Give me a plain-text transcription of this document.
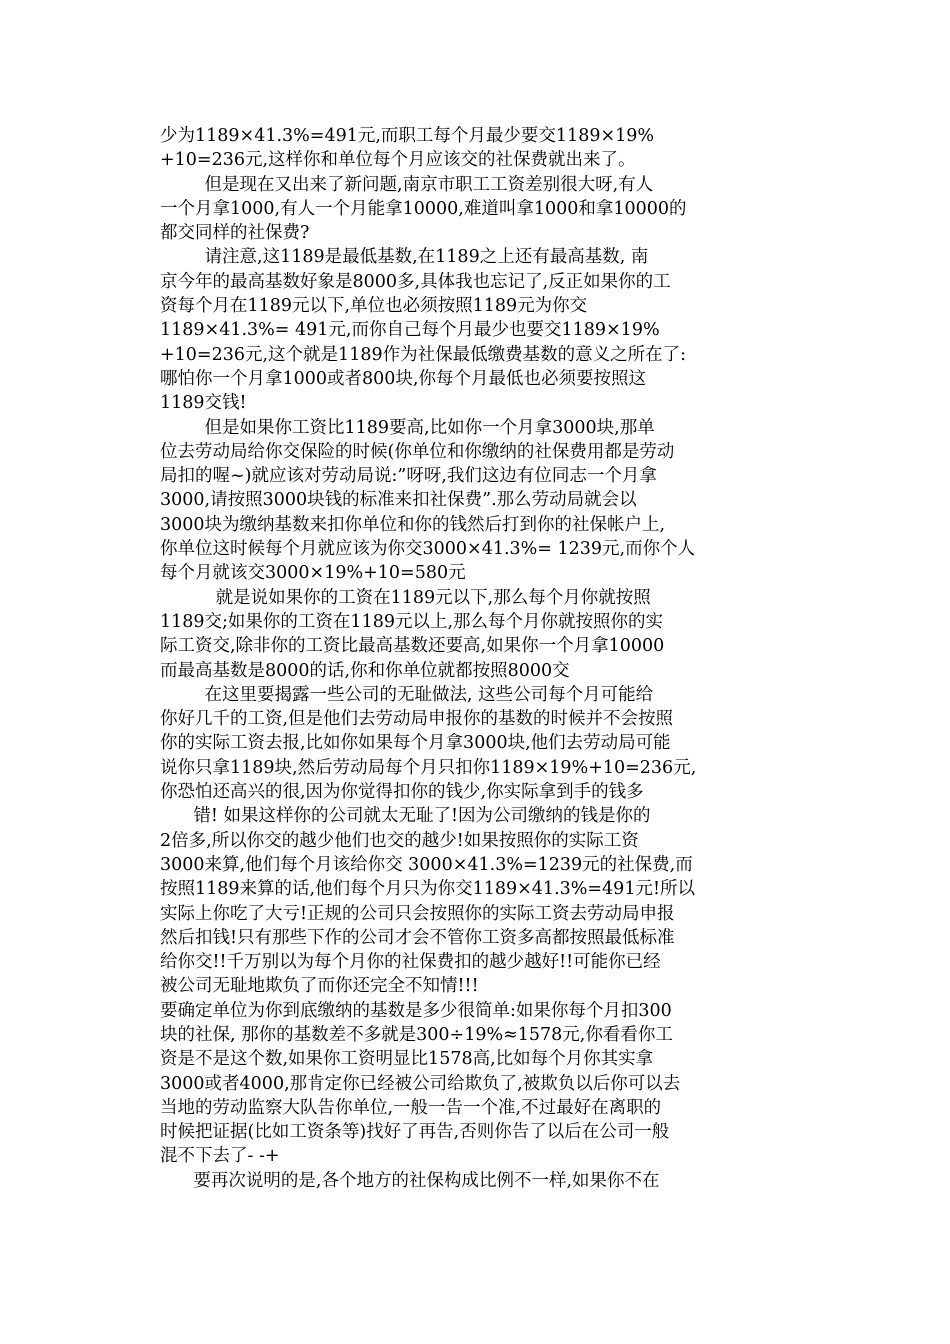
少为1189×41.3%=491元,而职工每个月最少要交1189×19%
+10=236元,这样你和单位每个月应该交的社保费就出来了。
但是现在又出来了新问题,南京市职工工资差别很大呀,有人
一个月拿1000,有人一个月能拿10000,难道叫拿1000和拿10000的
都交同样的社保费?
请注意,这1189是最低基数,在1189之上还有最高基数, 南
京今年的最高基数好象是8000多,具体我也忘记了,反正如果你的工
资每个月在1189元以下,单位也必须按照1189元为你交
1189×41.3%= 491元,而你自己每个月最少也要交1189×19%
+10=236元,这个就是1189作为社保最低缴费基数的意义之所在了:
哪怕你一个月拿1000或者800块,你每个月最低也必须要按照这
1189交钱!
但是如果你工资比1189要高,比如你一个月拿3000块,那单
位去劳动局给你交保险的时候(你单位和你缴纳的社保费用都是劳动
局扣的喔~)就应该对劳动局说:”呀呀,我们这边有位同志一个月拿
3000,请按照3000块钱的标准来扣社保费”.那么劳动局就会以
3000块为缴纳基数来扣你单位和你的钱然后打到你的社保帐户上,
你单位这时候每个月就应该为你交3000×41.3%= 1239元,而你个人
每个月就该交3000×19%+10=580元
就是说如果你的工资在1189元以下,那么每个月你就按照
1189交;如果你的工资在1189元以上,那么每个月你就按照你的实
际工资交,除非你的工资比最高基数还要高,如果你一个月拿10000
而最高基数是8000的话,你和你单位就都按照8000交
在这里要揭露一些公司的无耻做法, 这些公司每个月可能给
你好几千的工资,但是他们去劳动局申报你的基数的时候并不会按照
你的实际工资去报,比如你如果每个月拿3000块,他们去劳动局可能
说你只拿1189块,然后劳动局每个月只扣你1189×19%+10=236元,
你恐怕还高兴的很,因为你觉得扣你的钱少,你实际拿到手的钱多
错! 如果这样你的公司就太无耻了!因为公司缴纳的钱是你的
2倍多,所以你交的越少他们也交的越少!如果按照你的实际工资
3000来算,他们每个月该给你交 3000×41.3%=1239元的社保费,而
按照1189来算的话,他们每个月只为你交1189×41.3%=491元!所以
实际上你吃了大亏!正规的公司只会按照你的实际工资去劳动局申报
然后扣钱!只有那些下作的公司才会不管你工资多高都按照最低标准
给你交!!千万别以为每个月你的社保费扣的越少越好!!可能你已经
被公司无耻地欺负了而你还完全不知情!!!
要确定单位为你到底缴纳的基数是多少很简单:如果你每个月扣300
块的社保, 那你的基数差不多就是300÷19%≈1578元,你看看你工
资是不是这个数,如果你工资明显比1578高,比如每个月你其实拿
3000或者4000,那肯定你已经被公司给欺负了,被欺负以后你可以去
当地的劳动监察大队告你单位,一般一告一个准,不过最好在离职的
时候把证据(比如工资条等)找好了再告,否则你告了以后在公司一般
混不下去了- -+
要再次说明的是,各个地方的社保构成比例不一样,如果你不在
